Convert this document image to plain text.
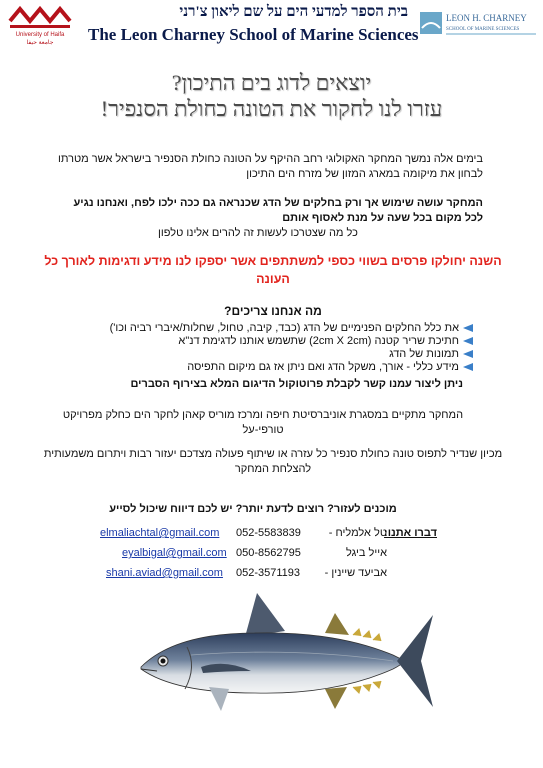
University of Haifa
جامعة حيفا
בית הספר למדעי הים על שם ליאון צ'רני
The Leon Charney School of Marine Sciences
LEON H. CHARNEY
SCHOOL OF MARINE SCIENCES
יוצאים לדוג בים התיכון?
עזרו לנו לחקור את הטונה כחולת הסנפיר!
בימים אלה נמשך המחקר האקולוגי רחב ההיקף על הטונה כחולת הסנפיר בישראל אשר מטרתו לבחון את מיקומה במארג המזון של מזרח הים התיכון
המחקר עושה שימוש אך ורק בחלקים של הדג שכנראה גם ככה ילכו לפח, ואנחנו נגיע לכל מקום בכל שעה על מנת לאסוף אותם
כל מה שצטרכו לעשות זה להרים אלינו טלפון
השנה יחולקו פרסים בשווי כספי למשתתפים אשר יספקו לנו מידע ודגימות לאורך כל העונה
מה אנחנו צריכים?
את כלל החלקים הפנימיים של הדג (כבד, קיבה, טחול, שחלות/איברי רביה וכו')
חתיכת שריר קטנה (2cm X 2cm) שתשמש אותנו לדגימת דנ"א
תמונות של הדג
מידע כללי - אורך, משקל הדג ואם ניתן אז גם מיקום התפיסה
ניתן ליצור עמנו קשר לקבלת פרוטוקול הדיגום המלא בצירוף הסברים
המחקר מתקיים במסגרת אוניברסיטת חיפה ומרכז מוריס קאהן לחקר הים כחלק מפרויקט טורפי-על
מכיון שנדיר לתפוס טונה כחולת סנפיר כל עזרה או שיתוף פעולה מצדכם יעזור רבות ויתרום משמעותית להצלחת המחקר
מוכנים לעזור? רוצים לדעת יותר? יש לכם דיווח שיכול לסייע
דברו אתנו:
טל אלמליח -
052-5583839
elmaliachtal@gmail.com
אייל ביגל
050-8562795
eyalbigal@gmail.com
אביעד שיינין -
052-3571193
shani.aviad@gmail.com
